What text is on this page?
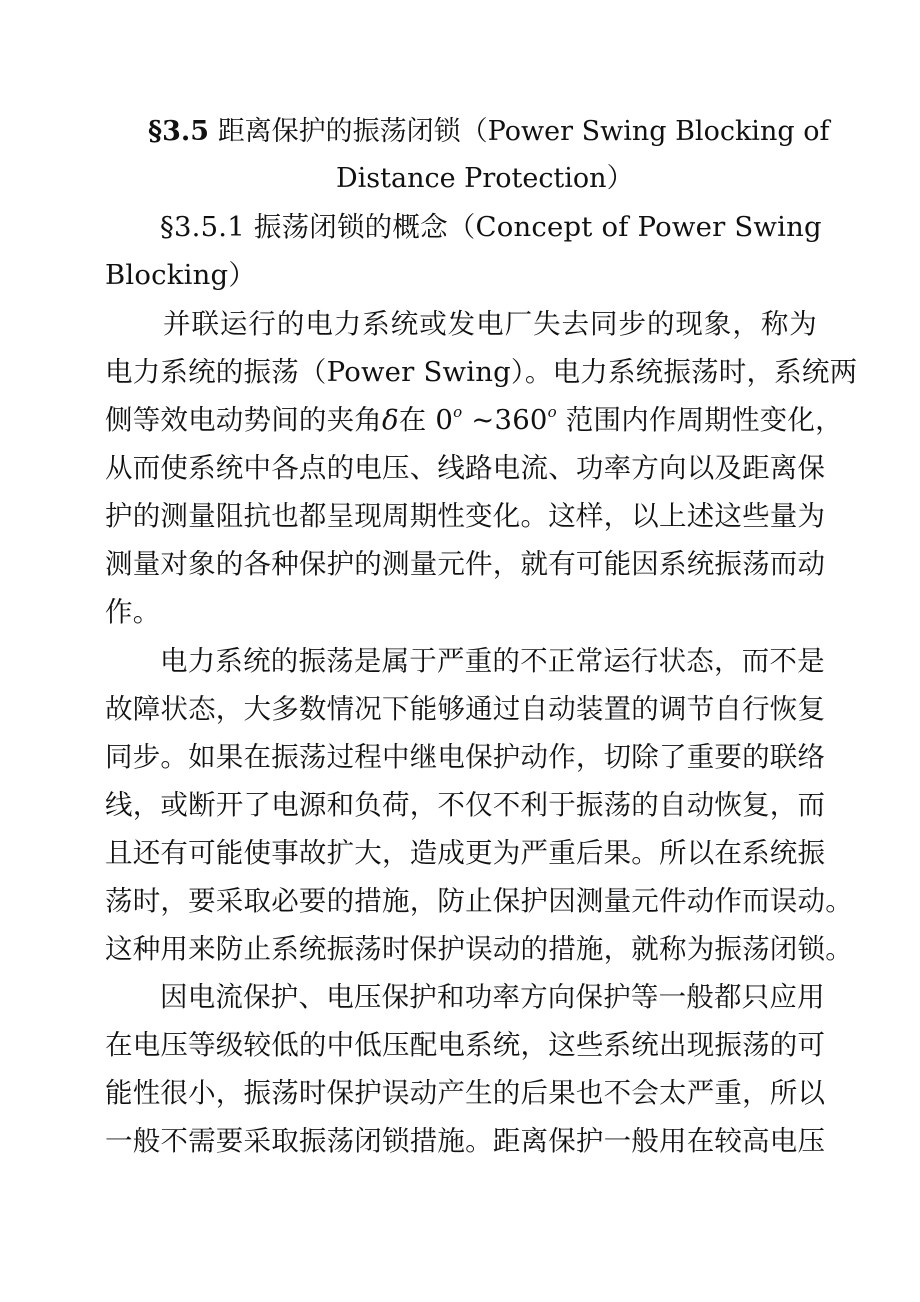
§3.5 距离保护的振荡闭锁（Power Swing Blocking of
Distance Protection）
§3.5.1 振荡闭锁的概念（Concept of Power Swing
Blocking）
并联运行的电力系统或发电厂失去同步的现象，称为
电力系统的振荡（Power Swing）。电力系统振荡时，系统两
侧等效电动势间的夹角δ在 0$^o$ ~360$^o$ 范围内作周期性变化，
从而使系统中各点的电压、线路电流、功率方向以及距离保
护的测量阻抗也都呈现周期性变化。这样，以上述这些量为
测量对象的各种保护的测量元件，就有可能因系统振荡而动
作。
电力系统的振荡是属于严重的不正常运行状态，而不是
故障状态，大多数情况下能够通过自动装置的调节自行恢复
同步。如果在振荡过程中继电保护动作，切除了重要的联络
线，或断开了电源和负荷，不仅不利于振荡的自动恢复，而
且还有可能使事故扩大，造成更为严重后果。所以在系统振
荡时，要采取必要的措施，防止保护因测量元件动作而误动。
这种用来防止系统振荡时保护误动的措施，就称为振荡闭锁。
因电流保护、电压保护和功率方向保护等一般都只应用
在电压等级较低的中低压配电系统，这些系统出现振荡的可
能性很小，振荡时保护误动产生的后果也不会太严重，所以
一般不需要采取振荡闭锁措施。距离保护一般用在较高电压
